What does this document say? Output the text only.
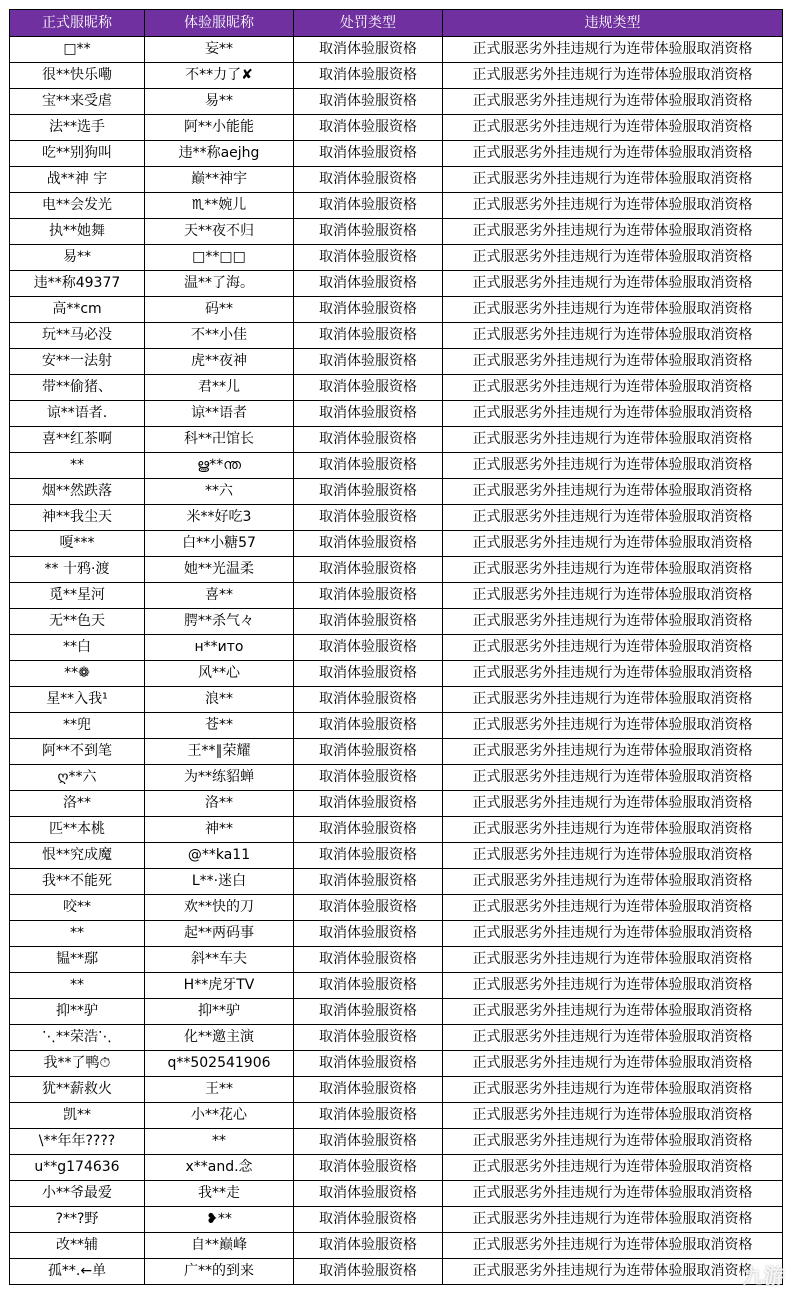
正式服昵称	体验服昵称	处罚类型	违规类型
□**	妄**	取消体验服资格	正式服恶劣外挂违规行为连带体验服取消资格
很**快乐嘞	不**力了✘	取消体验服资格	正式服恶劣外挂违规行为连带体验服取消资格
宝**来受虐	易**	取消体验服资格	正式服恶劣外挂违规行为连带体验服取消资格
法**选手	阿**小能能	取消体验服资格	正式服恶劣外挂违规行为连带体验服取消资格
吃**别狗叫	违**称aejhg	取消体验服资格	正式服恶劣外挂违规行为连带体验服取消资格
战**神 宇	巅**神宇	取消体验服资格	正式服恶劣外挂违规行为连带体验服取消资格
电**会发光	♏**婉儿	取消体验服资格	正式服恶劣外挂违规行为连带体验服取消资格
执**她舞	天**夜不归	取消体验服资格	正式服恶劣外挂违规行为连带体验服取消资格
易**	□**□□	取消体验服资格	正式服恶劣外挂违规行为连带体验服取消资格
违**称49377	温**了海。	取消体验服资格	正式服恶劣外挂违规行为连带体验服取消资格
高**cm	码**	取消体验服资格	正式服恶劣外挂违规行为连带体验服取消资格
玩**马必没	不**小佳	取消体验服资格	正式服恶劣外挂违规行为连带体验服取消资格
安**一法射	虎**夜神	取消体验服资格	正式服恶劣外挂违规行为连带体验服取消资格
带**偷猪、	君**儿	取消体验服资格	正式服恶劣外挂违规行为连带体验服取消资格
谅**语者.	谅**语者	取消体验服资格	正式服恶劣外挂违规行为连带体验服取消资格
喜**红茶啊	科**卍馆长	取消体验服资格	正式服恶劣外挂违规行为连带体验服取消资格
**	ൠ**ന്ത	取消体验服资格	正式服恶劣外挂违规行为连带体验服取消资格
烟**然跌落	**六	取消体验服资格	正式服恶劣外挂违规行为连带体验服取消资格
神**我尘天	米**好吃3	取消体验服资格	正式服恶劣外挂违规行为连带体验服取消资格
嗄***	白**小糖57	取消体验服资格	正式服恶劣外挂违规行为连带体验服取消资格
** 十鸦·渡	她**光温柔	取消体验服资格	正式服恶劣外挂违规行为连带体验服取消资格
觅**星河	喜**	取消体验服资格	正式服恶劣外挂违规行为连带体验服取消资格
无**色天	腭**杀气々	取消体验服资格	正式服恶劣外挂违规行为连带体验服取消资格
**白	н**ито	取消体验服资格	正式服恶劣外挂违规行为连带体验服取消资格
**❁	风**心	取消体验服资格	正式服恶劣外挂违规行为连带体验服取消资格
星**入我¹	浪**	取消体验服资格	正式服恶劣外挂违规行为连带体验服取消资格
**兜	苍**	取消体验服资格	正式服恶劣外挂违规行为连带体验服取消资格
阿**不到笔	王**∥荣耀	取消体验服资格	正式服恶劣外挂违规行为连带体验服取消资格
ღ**六	为**练貂蝉	取消体验服资格	正式服恶劣外挂违规行为连带体验服取消资格
洛**	洛**	取消体验服资格	正式服恶劣外挂违规行为连带体验服取消资格
匹**本桃	神**	取消体验服资格	正式服恶劣外挂违规行为连带体验服取消资格
恨**究成魔	@**ka11	取消体验服资格	正式服恶劣外挂违规行为连带体验服取消资格
我**不能死	L**·迷白	取消体验服资格	正式服恶劣外挂违规行为连带体验服取消资格
咬**	欢**快的刀	取消体验服资格	正式服恶劣外挂违规行为连带体验服取消资格
**	起**两码事	取消体验服资格	正式服恶劣外挂违规行为连带体验服取消资格
韫**鄢	斜**车夫	取消体验服资格	正式服恶劣外挂违规行为连带体验服取消资格
**	H**虎牙TV	取消体验服资格	正式服恶劣外挂违规行为连带体验服取消资格
抑**驴	抑**驴	取消体验服资格	正式服恶劣外挂违规行为连带体验服取消资格
⋱**荣浩⋱	化**邀主演	取消体验服资格	正式服恶劣外挂违规行为连带体验服取消资格
我**了鸭⏱	q**502541906	取消体验服资格	正式服恶劣外挂违规行为连带体验服取消资格
犹**薪救火	王**	取消体验服资格	正式服恶劣外挂违规行为连带体验服取消资格
凯**	小**花心	取消体验服资格	正式服恶劣外挂违规行为连带体验服取消资格
\**年年????	**	取消体验服资格	正式服恶劣外挂违规行为连带体验服取消资格
u**g174636	x**and.念	取消体验服资格	正式服恶劣外挂违规行为连带体验服取消资格
小**爷最爱	我**走	取消体验服资格	正式服恶劣外挂违规行为连带体验服取消资格
?**?野	❥**	取消体验服资格	正式服恶劣外挂违规行为连带体验服取消资格
改**辅	自**巅峰	取消体验服资格	正式服恶劣外挂违规行为连带体验服取消资格
孤**.←单	广**的到来	取消体验服资格	正式服恶劣外挂违规行为连带体验服取消资格
九游
